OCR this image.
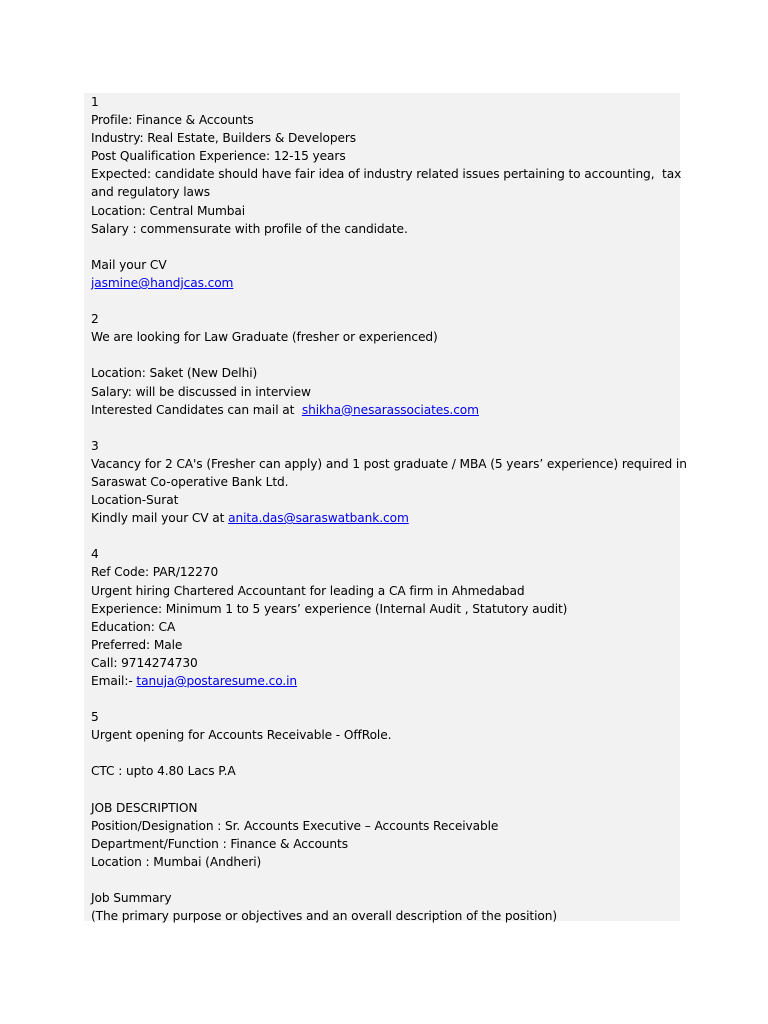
1
Profile: Finance & Accounts
Industry: Real Estate, Builders & Developers
Post Qualification Experience: 12-15 years
Expected: candidate should have fair idea of industry related issues pertaining to accounting,  tax
and regulatory laws
Location: Central Mumbai
Salary : commensurate with profile of the candidate.
Mail your CV
jasmine@handjcas.com
2
We are looking for Law Graduate (fresher or experienced)
Location: Saket (New Delhi)
Salary: will be discussed in interview
Interested Candidates can mail at  shikha@nesarassociates.com
3
Vacancy for 2 CA's (Fresher can apply) and 1 post graduate / MBA (5 years’ experience) required in
Saraswat Co-operative Bank Ltd.
Location-Surat
Kindly mail your CV at anita.das@saraswatbank.com
4
Ref Code: PAR/12270
Urgent hiring Chartered Accountant for leading a CA firm in Ahmedabad
Experience: Minimum 1 to 5 years’ experience (Internal Audit , Statutory audit)
Education: CA
Preferred: Male
Call: 9714274730
Email:- tanuja@postaresume.co.in
5
Urgent opening for Accounts Receivable - OffRole.
CTC : upto 4.80 Lacs P.A
JOB DESCRIPTION
Position/Designation : Sr. Accounts Executive – Accounts Receivable
Department/Function : Finance & Accounts
Location : Mumbai (Andheri)
Job Summary
(The primary purpose or objectives and an overall description of the position)
